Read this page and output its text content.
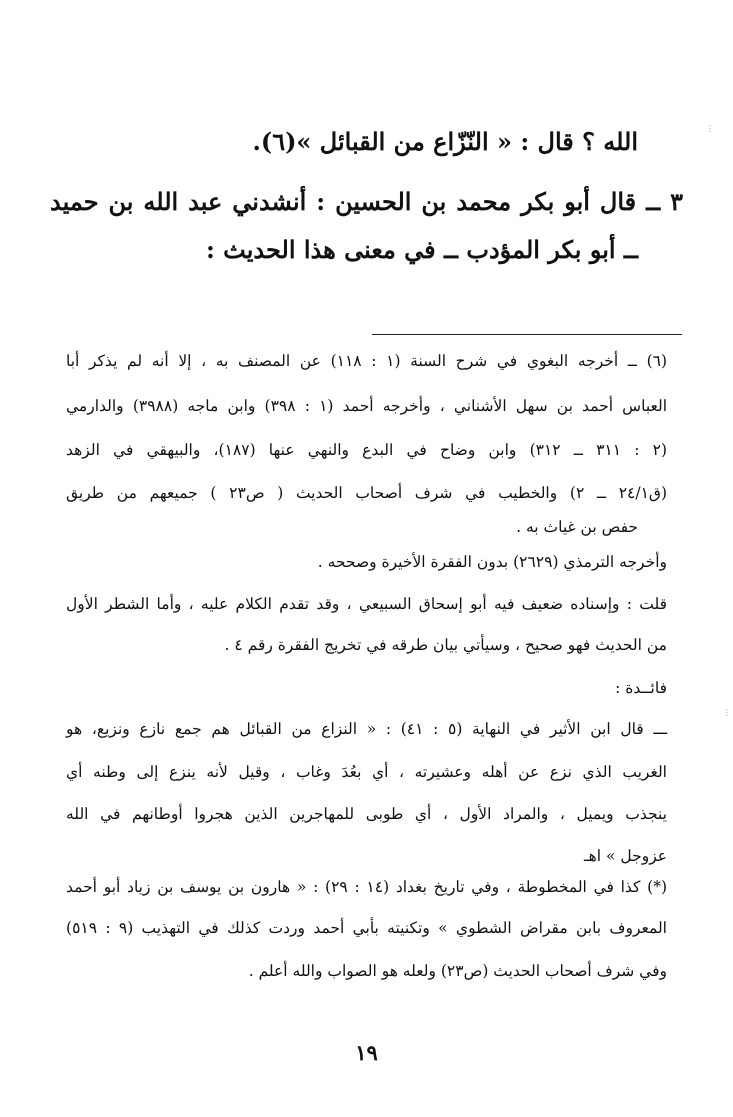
⋮
⋮
الله ؟ قال : « النّزّاع من القبائل »(٦).
٣ ــ قال أبو بكر محمد بن الحسين : أنشدني عبد الله بن حميد
ــ أبو بكر المؤدب ــ في معنى هذا الحديث :
(٦) ــ أخرجه البغوي في شرح السنة (١ : ١١٨) عن المصنف به ، إلا أنه لم يذكر أبا
العباس أحمد بن سهل الأشناني ، وأخرجه أحمد (١ : ٣٩٨) وابن ماجه (٣٩٨٨) والدارمي
(٢ : ٣١١ ــ ٣١٢) وابن وضاح في البدع والنهي عنها (١٨٧)، والبيهقي في الزهد
(ق٢٤/١ ــ ٢) والخطيب في شرف أصحاب الحديث ( ص٢٣ ) جميعهم من طريق
حفص بن غياث به .
وأخرجه الترمذي (٢٦٢٩) بدون الفقرة الأخيرة وصححه .
قلت : وإسناده ضعيف فيه أبو إسحاق السبيعي ، وقد تقدم الكلام عليه ، وأما الشطر الأول
من الحديث فهو صحيح ، وسيأتي بيان طرقه في تخريج الفقرة رقم ٤ .
فائــدة :
ـــ قال ابن الأثير في النهاية (٥ : ٤١) : « النزاع من القبائل هم جمع نازع ونزيع، هو
الغريب الذي نزع عن أهله وعشيرته ، أي بعُدَ وغاب ، وقيل لأنه ينزع إلى وطنه أي
ينجذب ويميل ، والمراد الأول ، أي طوبى للمهاجرين الذين هجروا أوطانهم في الله
عزوجل » اهـ
(*) كذا في المخطوطة ، وفي تاريخ بغداد (١٤ : ٢٩) : « هارون بن يوسف بن زياد أبو أحمد
المعروف بابن مقراض الشطوي » وتكنيته بأبي أحمد وردت كذلك في التهذيب (٩ : ٥١٩)
وفي شرف أصحاب الحديث (ص٢٣) ولعله هو الصواب والله أعلم .
١٩
